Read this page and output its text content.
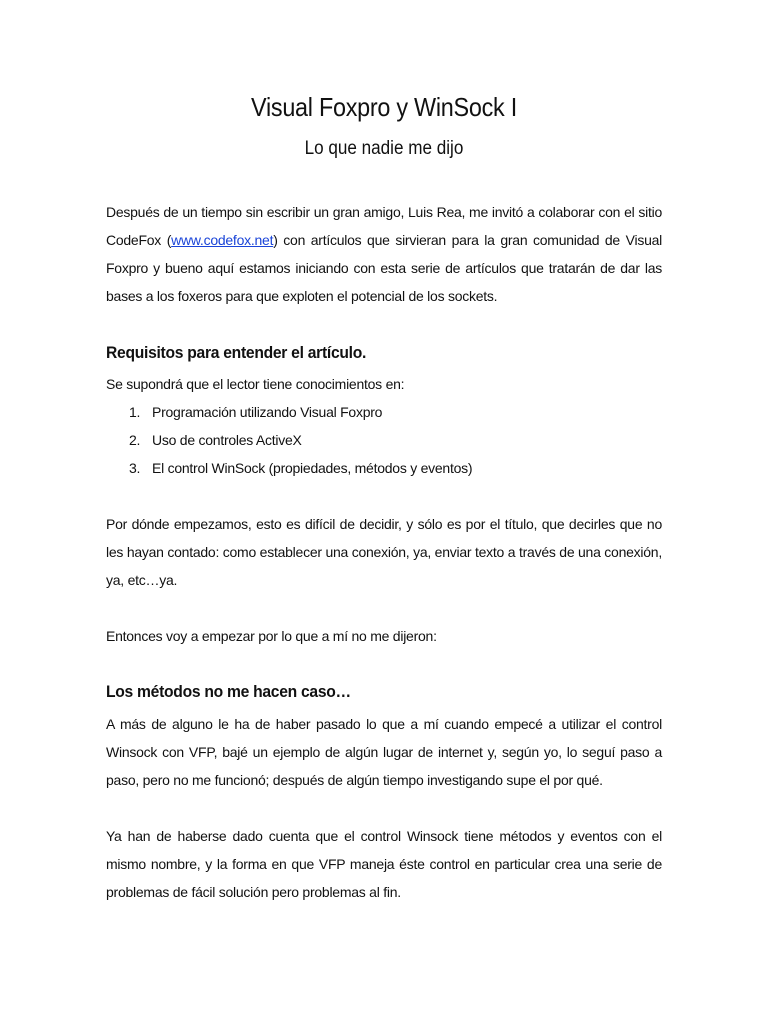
Visual Foxpro y WinSock I
Lo que nadie me dijo

Después de un tiempo sin escribir un gran amigo, Luis Rea, me invitó a colaborar con el sitio CodeFox (www.codefox.net) con artículos que sirvieran para la gran comunidad de Visual Foxpro y bueno aquí estamos iniciando con esta serie de artículos que tratarán de dar las bases a los foxeros para que exploten el potencial de los sockets.

Requisitos para entender el artículo.

Se supondrá que el lector tiene conocimientos en:

1. Programación utilizando Visual Foxpro
2. Uso de controles ActiveX
3. El control WinSock (propiedades, métodos y eventos)

Por dónde empezamos, esto es difícil de decidir, y sólo es por el título, que decirles que no les hayan contado: como establecer una conexión, ya, enviar texto a través de una conexión, ya, etc…ya.

Entonces voy a empezar por lo que a mí no me dijeron:

Los métodos no me hacen caso…

A más de alguno le ha de haber pasado lo que a mí cuando empecé a utilizar el control Winsock con VFP, bajé un ejemplo de algún lugar de internet y, según yo, lo seguí paso a paso, pero no me funcionó; después de algún tiempo investigando supe el por qué.

Ya han de haberse dado cuenta que el control Winsock tiene métodos y eventos con el mismo nombre, y la forma en que VFP maneja éste control en particular crea una serie de problemas de fácil solución pero problemas al fin.
